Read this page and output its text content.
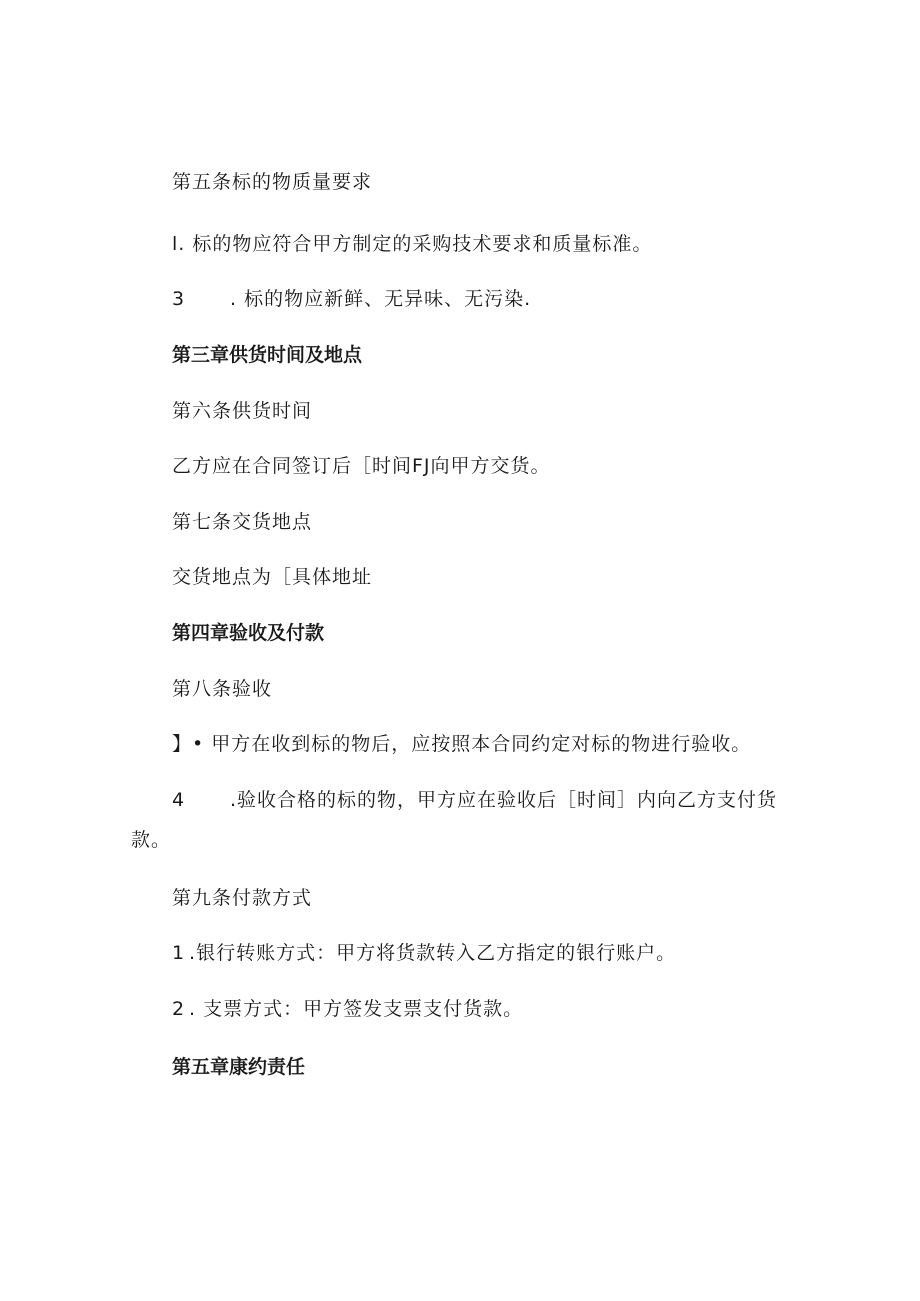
第五条标的物质量要求
l. 标的物应符合甲方制定的采购技术要求和质量标准。
3 . 标的物应新鲜、无异味、无污染.
第三章供货时间及地点
第六条供货时间
乙方应在合同签订后［时间FJ向甲方交货。
第七条交货地点
交货地点为［具体地址
第四章验收及付款
第八条验收
】• 甲方在收到标的物后，应按照本合同约定对标的物进行验收。
4 .验收合格的标的物，甲方应在验收后［时间］内向乙方支付货
款。
第九条付款方式
1 .银行转账方式：甲方将货款转入乙方指定的银行账户。
2 . 支票方式：甲方签发支票支付货款。
第五章康约责任
